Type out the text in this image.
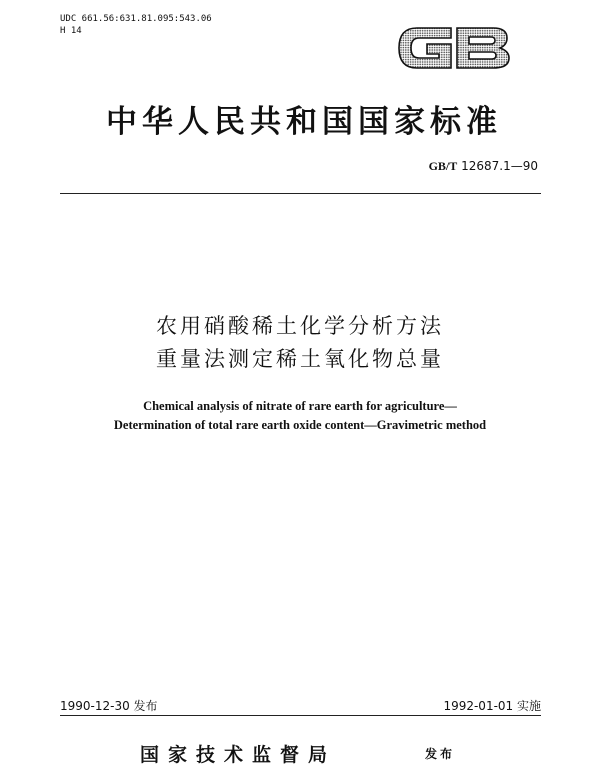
UDC 661.56:631.81.095:543.06
H 14
中华人民共和国国家标准
GB/T 12687.1—90
农用硝酸稀土化学分析方法
重量法测定稀土氧化物总量
Chemical analysis of nitrate of rare earth for agriculture—
Determination of total rare earth oxide content—Gravimetric method
1990-12-30 发布	1992-01-01 实施
国家技术监督局	发布
